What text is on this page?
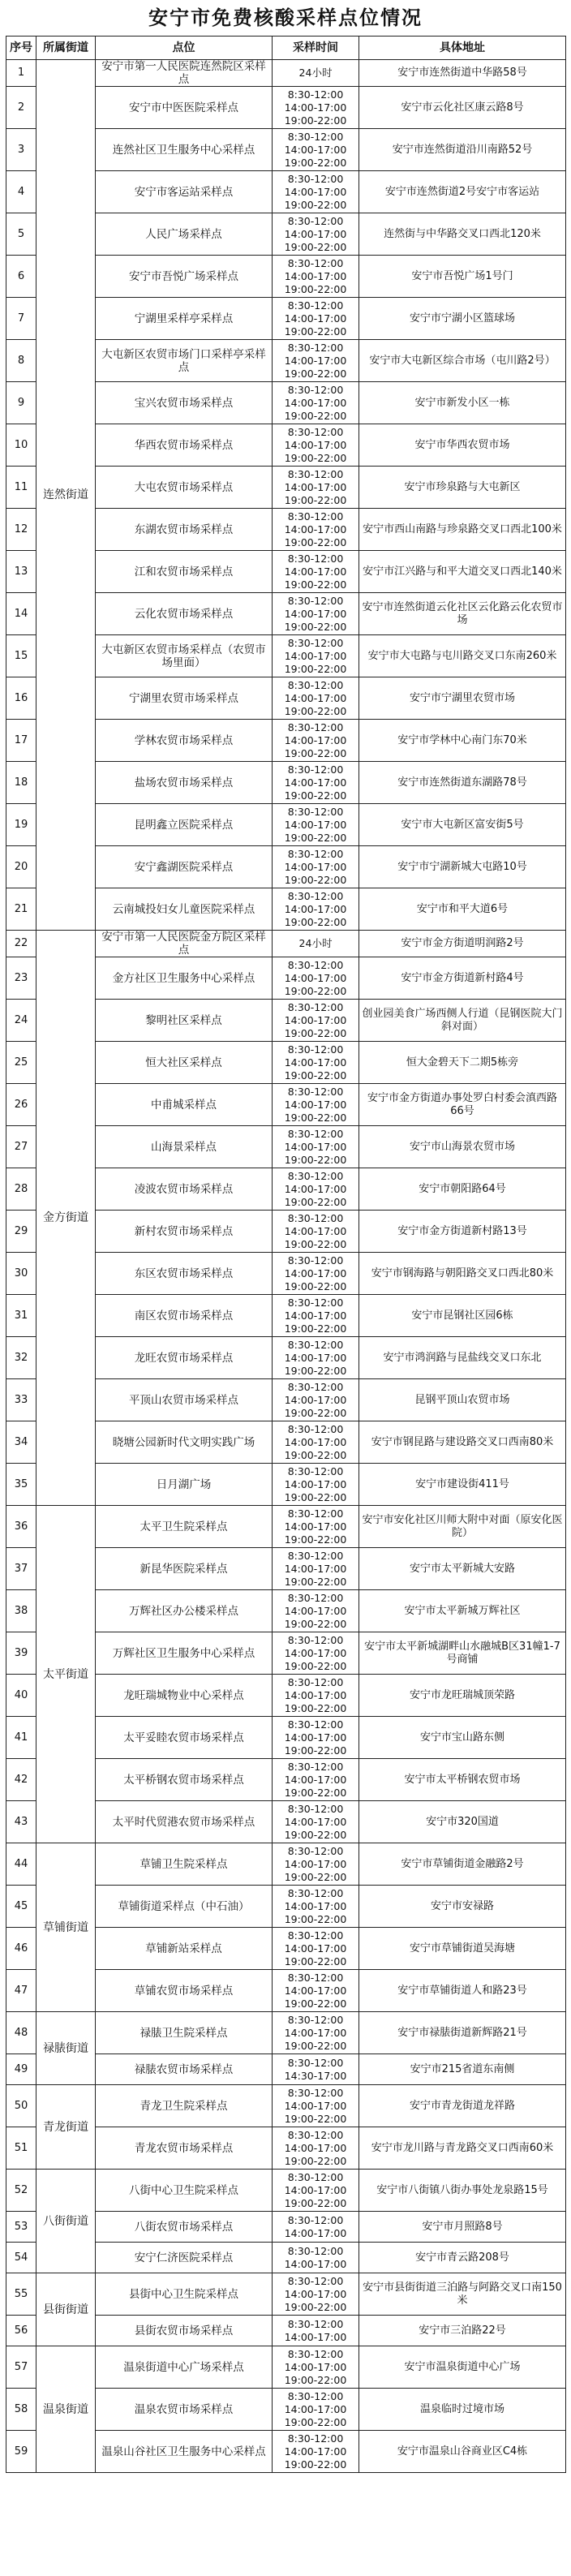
安宁市免费核酸采样点位情况
序号	所属街道	点位	采样时间	具体地址
1	连然街道	安宁市第一人民医院连然院区采样点	24小时	安宁市连然街道中华路58号
2		安宁市中医医院采样点	8:30-12:00
14:00-17:00
19:00-22:00	安宁市云化社区康云路8号
3		连然社区卫生服务中心采样点	8:30-12:00
14:00-17:00
19:00-22:00	安宁市连然街道沿川南路52号
4		安宁市客运站采样点	8:30-12:00
14:00-17:00
19:00-22:00	安宁市连然街道2号安宁市客运站
5		人民广场采样点	8:30-12:00
14:00-17:00
19:00-22:00	连然街与中华路交叉口西北120米
6		安宁市吾悦广场采样点	8:30-12:00
14:00-17:00
19:00-22:00	安宁市吾悦广场1号门
7		宁湖里采样亭采样点	8:30-12:00
14:00-17:00
19:00-22:00	安宁市宁湖小区篮球场
8		大屯新区农贸市场门口采样亭采样点	8:30-12:00
14:00-17:00
19:00-22:00	安宁市大屯新区综合市场（屯川路2号）
9		宝兴农贸市场采样点	8:30-12:00
14:00-17:00
19:00-22:00	安宁市新发小区一栋
10		华西农贸市场采样点	8:30-12:00
14:00-17:00
19:00-22:00	安宁市华西农贸市场
11		大屯农贸市场采样点	8:30-12:00
14:00-17:00
19:00-22:00	安宁市珍泉路与大屯新区
12		东湖农贸市场采样点	8:30-12:00
14:00-17:00
19:00-22:00	安宁市西山南路与珍泉路交叉口西北100米
13		江和农贸市场采样点	8:30-12:00
14:00-17:00
19:00-22:00	安宁市江兴路与和平大道交叉口西北140米
14		云化农贸市场采样点	8:30-12:00
14:00-17:00
19:00-22:00	安宁市连然街道云化社区云化路云化农贸市场
15		大屯新区农贸市场采样点（农贸市场里面）	8:30-12:00
14:00-17:00
19:00-22:00	安宁市大屯路与屯川路交叉口东南260米
16		宁湖里农贸市场采样点	8:30-12:00
14:00-17:00
19:00-22:00	安宁市宁湖里农贸市场
17		学林农贸市场采样点	8:30-12:00
14:00-17:00
19:00-22:00	安宁市学林中心南门东70米
18		盐场农贸市场采样点	8:30-12:00
14:00-17:00
19:00-22:00	安宁市连然街道东湖路78号
19		昆明鑫立医院采样点	8:30-12:00
14:00-17:00
19:00-22:00	安宁市大屯新区富安街5号
20		安宁鑫湖医院采样点	8:30-12:00
14:00-17:00
19:00-22:00	安宁市宁湖新城大屯路10号
21		云南城投妇女儿童医院采样点	8:30-12:00
14:00-17:00
19:00-22:00	安宁市和平大道6号
22	金方街道	安宁市第一人民医院金方院区采样点	24小时	安宁市金方街道明润路2号
23		金方社区卫生服务中心采样点	8:30-12:00
14:00-17:00
19:00-22:00	安宁市金方街道新村路4号
24		黎明社区采样点	8:30-12:00
14:00-17:00
19:00-22:00	创业园美食广场西侧人行道（昆钢医院大门斜对面）
25		恒大社区采样点	8:30-12:00
14:00-17:00
19:00-22:00	恒大金碧天下二期5栋旁
26		中甫城采样点	8:30-12:00
14:00-17:00
19:00-22:00	安宁市金方街道办事处罗白村委会滇西路66号
27		山海景采样点	8:30-12:00
14:00-17:00
19:00-22:00	安宁市山海景农贸市场
28		凌波农贸市场采样点	8:30-12:00
14:00-17:00
19:00-22:00	安宁市朝阳路64号
29		新村农贸市场采样点	8:30-12:00
14:00-17:00
19:00-22:00	安宁市金方街道新村路13号
30		东区农贸市场采样点	8:30-12:00
14:00-17:00
19:00-22:00	安宁市钢海路与朝阳路交叉口西北80米
31		南区农贸市场采样点	8:30-12:00
14:00-17:00
19:00-22:00	安宁市昆钢社区园6栋
32		龙旺农贸市场采样点	8:30-12:00
14:00-17:00
19:00-22:00	安宁市鸿润路与昆盐线交叉口东北
33		平顶山农贸市场采样点	8:30-12:00
14:00-17:00
19:00-22:00	昆钢平顶山农贸市场
34		晓塘公园新时代文明实践广场	8:30-12:00
14:00-17:00
19:00-22:00	安宁市钢昆路与建设路交叉口西南80米
35		日月湖广场	8:30-12:00
14:00-17:00
19:00-22:00	安宁市建设街411号
36	太平街道	太平卫生院采样点	8:30-12:00
14:00-17:00
19:00-22:00	安宁市安化社区川师大附中对面（原安化医院）
37		新昆华医院采样点	8:30-12:00
14:00-17:00
19:00-22:00	安宁市太平新城大安路
38		万辉社区办公楼采样点	8:30-12:00
14:00-17:00
19:00-22:00	安宁市太平新城万辉社区
39		万辉社区卫生服务中心采样点	8:30-12:00
14:00-17:00
19:00-22:00	安宁市太平新城湖畔山水融城B区31幢1-7号商铺
40		龙旺瑞城物业中心采样点	8:30-12:00
14:00-17:00
19:00-22:00	安宁市龙旺瑞城顶荣路
41		太平妥睦农贸市场采样点	8:30-12:00
14:00-17:00
19:00-22:00	安宁市宝山路东侧
42		太平桥钢农贸市场采样点	8:30-12:00
14:00-17:00
19:00-22:00	安宁市太平桥钢农贸市场
43		太平时代贸港农贸市场采样点	8:30-12:00
14:00-17:00
19:00-22:00	安宁市320国道
44	草铺街道	草铺卫生院采样点	8:30-12:00
14:00-17:00
19:00-22:00	安宁市草铺街道金融路2号
45		草铺街道采样点（中石油）	8:30-12:00
14:00-17:00
19:00-22:00	安宁市安禄路
46		草铺新站采样点	8:30-12:00
14:00-17:00
19:00-22:00	安宁市草铺街道吴海塘
47		草铺农贸市场采样点	8:30-12:00
14:00-17:00
19:00-22:00	安宁市草铺街道人和路23号
48	禄脿街道	禄脿卫生院采样点	8:30-12:00
14:00-17:00
19:00-22:00	安宁市禄脿街道新辉路21号
49		禄脿农贸市场采样点	8:30-12:00
14:30-17:00	安宁市215省道东南侧
50	青龙街道	青龙卫生院采样点	8:30-12:00
14:00-17:00
19:00-22:00	安宁市青龙街道龙祥路
51		青龙农贸市场采样点	8:30-12:00
14:00-17:00
19:00-22:00	安宁市龙川路与青龙路交叉口西南60米
52	八街街道	八街中心卫生院采样点	8:30-12:00
14:00-17:00
19:00-22:00	安宁市八街镇八街办事处龙泉路15号
53		八街农贸市场采样点	8:30-12:00
14:00-17:00	安宁市月照路8号
54		安宁仁济医院采样点	8:30-12:00
14:00-17:00	安宁市青云路208号
55	县街街道	县街中心卫生院采样点	8:30-12:00
14:00-17:00
19:00-22:00	安宁市县街街道三泊路与阿路交叉口南150米
56		县街农贸市场采样点	8:30-12:00
14:00-17:00	安宁市三泊路22号
57	温泉街道	温泉街道中心广场采样点	8:30-12:00
14:00-17:00
19:00-22:00	安宁市温泉街道中心广场
58		温泉农贸市场采样点	8:30-12:00
14:00-17:00
19:00-22:00	温泉临时过境市场
59		温泉山谷社区卫生服务中心采样点	8:30-12:00
14:00-17:00
19:00-22:00	安宁市温泉山谷商业区C4栋
